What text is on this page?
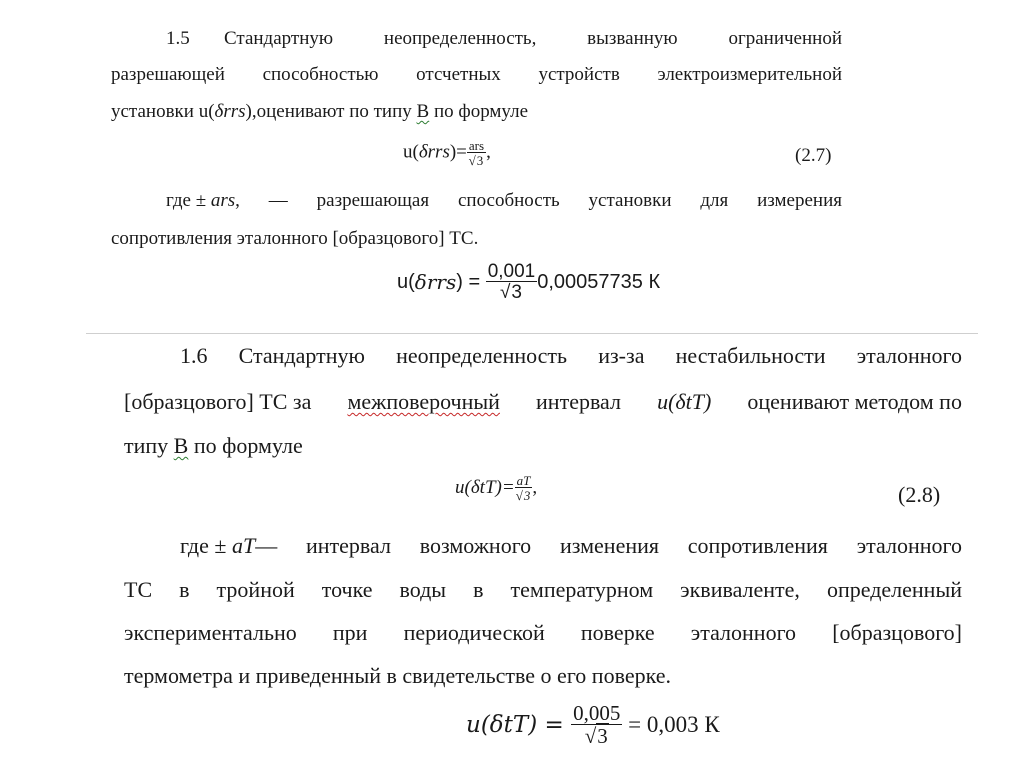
1.5 Стандартную неопределенность, вызванную ограниченной
разрешающей способностью отсчетных устройств электроизмерительной
установки u(δrrs),оценивают по типу В по формуле
$u(\delta rrs)= \frac{\text{ars}}{√3}$ ,	(2.7)
где ± ars , — разрешающая способность установки для измерения
сопротивления эталонного [образцового] ТС.
u( δrrs ) = $\frac{0,001}{√3} 0,00057735$ К
1.6 Стандартную неопределенность из-за нестабильности эталонного
[образцового] ТС за межповерочный интервал u(δtT) оценивают методом по
типу В по формуле
$u(\delta tT)= \frac{aT}{√3}$ ,	(2.8)
где ± aT — интервал возможного изменения сопротивления эталонного
ТС в тройной точке воды в температурном эквиваленте, определенный
экспериментально при периодической поверке эталонного [образцового]
термометра и приведенный в свидетельстве о его поверке.
$u(\delta tT) = \frac{0,005}{√3} = 0,003$ К
